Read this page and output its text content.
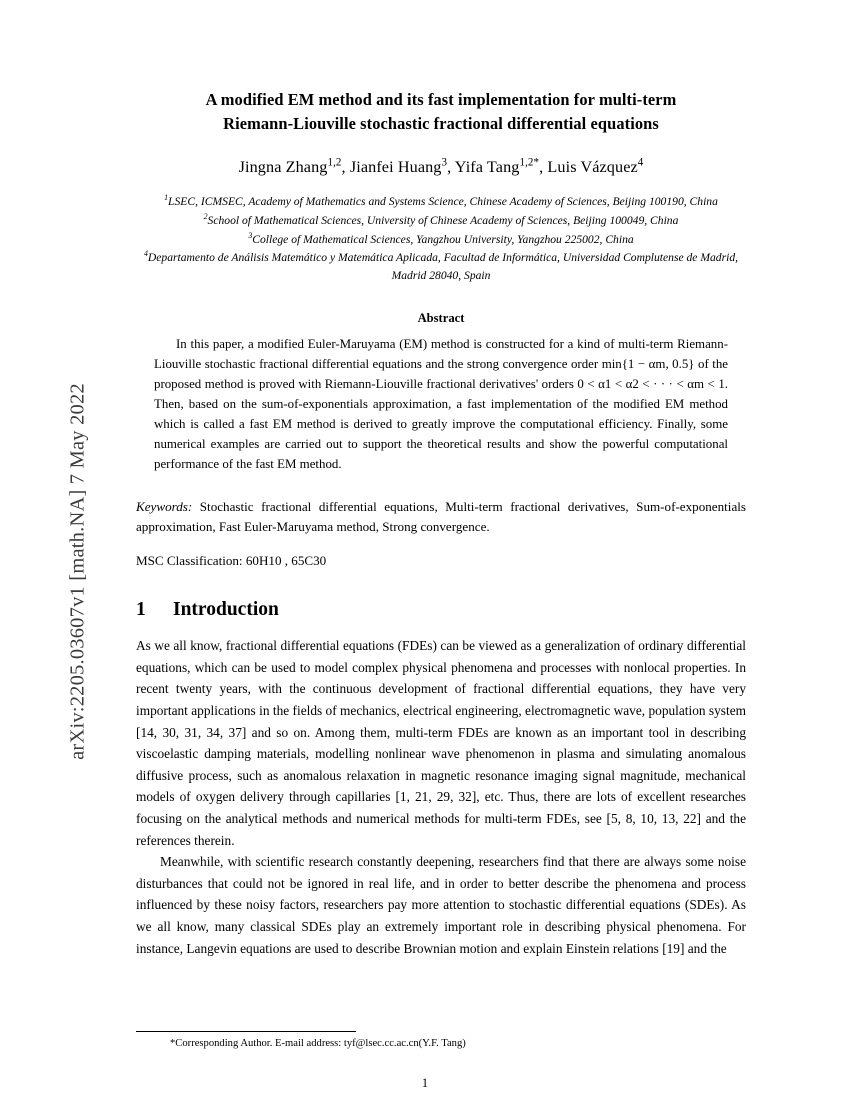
arXiv:2205.03607v1 [math.NA] 7 May 2022
A modified EM method and its fast implementation for multi-term
Riemann-Liouville stochastic fractional differential equations
Jingna Zhang$^{1,2}$, Jianfei Huang$^3$, Yifa Tang$^{1,2*}$, Luis Vázquez$^4$
$^1$LSEC, ICMSEC, Academy of Mathematics and Systems Science, Chinese Academy of Sciences, Beijing 100190, China
$^2$School of Mathematical Sciences, University of Chinese Academy of Sciences, Beijing 100049, China
$^3$College of Mathematical Sciences, Yangzhou University, Yangzhou 225002, China
$^4$Departamento de Análisis Matemático y Matemática Aplicada, Facultad de Informática, Universidad Complutense de Madrid, Madrid 28040, Spain
Abstract

In this paper, a modified Euler-Maruyama (EM) method is constructed for a kind of multi-term Riemann-Liouville stochastic fractional differential equations and the strong convergence order min{1 − αm, 0.5} of the proposed method is proved with Riemann-Liouville fractional derivatives' orders 0 < α1 < α2 < · · · < αm < 1. Then, based on the sum-of-exponentials approximation, a fast implementation of the modified EM method which is called a fast EM method is derived to greatly improve the computational efficiency. Finally, some numerical examples are carried out to support the theoretical results and show the powerful computational performance of the fast EM method.

Keywords: Stochastic fractional differential equations, Multi-term fractional derivatives, Sum-of-exponentials approximation, Fast Euler-Maruyama method, Strong convergence.

MSC Classification: 60H10 , 65C30

1 Introduction

As we all know, fractional differential equations (FDEs) can be viewed as a generalization of ordinary differential equations, which can be used to model complex physical phenomena and processes with nonlocal properties. In recent twenty years, with the continuous development of fractional differential equations, they have very important applications in the fields of mechanics, electrical engineering, electromagnetic wave, population system [14, 30, 31, 34, 37] and so on. Among them, multi-term FDEs are known as an important tool in describing viscoelastic damping materials, modelling nonlinear wave phenomenon in plasma and simulating anomalous diffusive process, such as anomalous relaxation in magnetic resonance imaging signal magnitude, mechanical models of oxygen delivery through capillaries [1, 21, 29, 32], etc. Thus, there are lots of excellent researches focusing on the analytical methods and numerical methods for multi-term FDEs, see [5, 8, 10, 13, 22] and the references therein.

Meanwhile, with scientific research constantly deepening, researchers find that there are always some noise disturbances that could not be ignored in real life, and in order to better describe the phenomena and process influenced by these noisy factors, researchers pay more attention to stochastic differential equations (SDEs). As we all know, many classical SDEs play an extremely important role in describing physical phenomena. For instance, Langevin equations are used to describe Brownian motion and explain Einstein relations [19] and the

*Corresponding Author. E-mail address: tyf@lsec.cc.ac.cn(Y.F. Tang)
1
